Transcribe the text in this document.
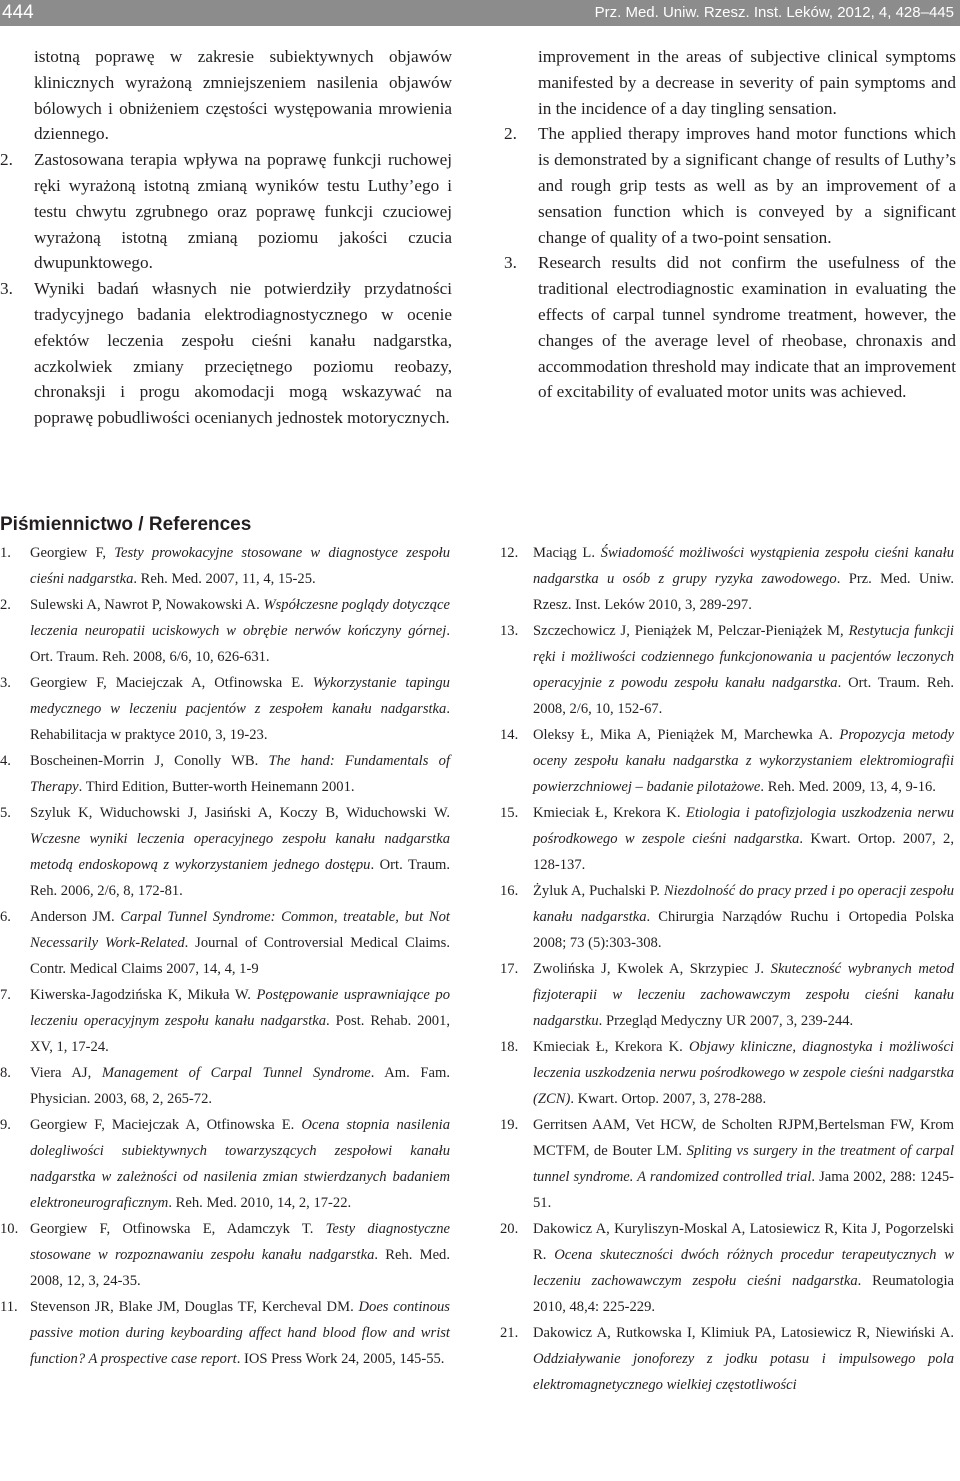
444	Prz. Med. Uniw. Rzesz. Inst. Leków, 2012, 4, 428–445

istotną poprawę w zakresie subiektywnych objawów klinicznych wyrażoną zmniejszeniem nasilenia objawów bólowych i obniżeniem częstości występowania mrowienia dziennego.

2. Zastosowana terapia wpływa na poprawę funkcji ruchowej ręki wyrażoną istotną zmianą wyników testu Luthy’ego i testu chwytu zgrubnego oraz poprawę funkcji czuciowej wyrażoną istotną zmianą poziomu jakości czucia dwupunktowego.

3. Wyniki badań własnych nie potwierdziły przydatności tradycyjnego badania elektrodiagnostycznego w ocenie efektów leczenia zespołu cieśni kanału nadgarstka, aczkolwiek zmiany przeciętnego poziomu reobazy, chronaksji i progu akomodacji mogą wskazywać na poprawę pobudliwości ocenianych jednostek motorycznych.

improvement in the areas of subjective clinical symptoms manifested by a decrease in severity of pain symptoms and in the incidence of a day tingling sensation.

2. The applied therapy improves hand motor functions which is demonstrated by a significant change of results of Luthy’s and rough grip tests as well as by an improvement of a sensation function which is conveyed by a significant change of quality of a two-point sensation.

3. Research results did not confirm the usefulness of the traditional electrodiagnostic examination in evaluating the effects of carpal tunnel syndrome treatment, however, the changes of the average level of rheobase, chronaxis and accommodation threshold may indicate that an improvement of excitability of evaluated motor units was achieved.

Piśmiennictwo / References

1. Georgiew F, Testy prowokacyjne stosowane w diagnostyce zespołu cieśni nadgarstka. Reh. Med. 2007, 11, 4, 15-25.

2. Sulewski A, Nawrot P, Nowakowski A. Współczesne poglądy dotyczące leczenia neuropatii uciskowych w obrębie nerwów kończyny górnej. Ort. Traum. Reh. 2008, 6/6, 10, 626-631.

3. Georgiew F, Maciejczak A, Otfinowska E. Wykorzystanie tapingu medycznego w leczeniu pacjentów z zespołem kanału nadgarstka. Rehabilitacja w praktyce 2010, 3, 19-23.

4. Boscheinen-Morrin J, Conolly WB. The hand: Fundamentals of Therapy. Third Edition, Butter-worth Heinemann 2001.

5. Szyluk K, Widuchowski J, Jasiński A, Koczy B, Widuchowski W. Wczesne wyniki leczenia operacyjnego zespołu kanału nadgarstka metodą endoskopową z wykorzystaniem jednego dostępu. Ort. Traum. Reh. 2006, 2/6, 8, 172-81.

6. Anderson JM. Carpal Tunnel Syndrome: Common, treatable, but Not Necessarily Work-Related. Journal of Controversial Medical Claims. Contr. Medical Claims 2007, 14, 4, 1-9

7. Kiwerska-Jagodzińska K, Mikuła W. Postępowanie usprawniające po leczeniu operacyjnym zespołu kanału nadgarstka. Post. Rehab. 2001, XV, 1, 17-24.

8. Viera AJ, Management of Carpal Tunnel Syndrome. Am. Fam. Physician. 2003, 68, 2, 265-72.

9. Georgiew F, Maciejczak A, Otfinowska E. Ocena stopnia nasilenia dolegliwości subiektywnych towarzyszących zespołowi kanału nadgarstka w zależności od nasilenia zmian stwierdzanych badaniem elektroneurograficznym. Reh. Med. 2010, 14, 2, 17-22.

10. Georgiew F, Otfinowska E, Adamczyk T. Testy diagnostyczne stosowane w rozpoznawaniu zespołu kanału nadgarstka. Reh. Med. 2008, 12, 3, 24-35.

11. Stevenson JR, Blake JM, Douglas TF, Kercheval DM. Does continous passive motion during keyboarding affect hand blood flow and wrist function? A prospective case report. IOS Press Work 24, 2005, 145-55.

12.	Maciąg L. Świadomość możliwości wystąpienia zespołu cieśni kanału nadgarstka u osób z grupy ryzyka zawodowego. Prz. Med. Uniw. Rzesz. Inst. Leków 2010, 3, 289-297.

13.	Szczechowicz J, Pieniążek M, Pelczar-Pieniążek M, Restytucja funkcji ręki i możliwości codziennego funkcjonowania u pacjentów leczonych operacyjnie z powodu zespołu kanału nadgarstka. Ort. Traum. Reh. 2008, 2/6, 10, 152-67.

14.	Oleksy Ł, Mika A, Pieniążek M, Marchewka A. Propozycja metody oceny zespołu kanału nadgarstka z wykorzystaniem elektromiografii powierzchniowej – badanie pilotażowe. Reh. Med. 2009, 13, 4, 9-16.

15.	Kmieciak Ł, Krekora K. Etiologia i patofizjologia uszkodzenia nerwu pośrodkowego w zespole cieśni nadgarstka. Kwart. Ortop. 2007, 2, 128-137.

16.	Żyluk A, Puchalski P. Niezdolność do pracy przed i po operacji zespołu kanału nadgarstka. Chirurgia Narządów Ruchu i Ortopedia Polska 2008; 73 (5):303-308.

17.	Zwolińska J, Kwolek A, Skrzypiec J. Skuteczność wybranych metod fizjoterapii w leczeniu zachowawczym zespołu cieśni kanału nadgarstku. Przegląd Medyczny UR 2007, 3, 239-244.

18.	Kmieciak Ł, Krekora K. Objawy kliniczne, diagnostyka i możliwości leczenia uszkodzenia nerwu pośrodkowego w zespole cieśni nadgarstka (ZCN). Kwart. Ortop. 2007, 3, 278-288.

19.	Gerritsen AAM, Vet HCW, de Scholten RJPM,Bertelsman FW, Krom MCTFM, de Bouter LM. Spliting vs surgery in the treatment of carpal tunnel syndrome. A randomized controlled trial. Jama 2002, 288: 1245-51.

20.	Dakowicz A, Kuryliszyn-Moskal A, Latosiewicz R, Kita J, Pogorzelski R. Ocena skuteczności dwóch różnych procedur terapeutycznych w leczeniu zachowawczym zespołu cieśni nadgarstka. Reumatologia 2010, 48,4: 225-229.

21.	Dakowicz A, Rutkowska I, Klimiuk PA, Latosiewicz R, Niewiński A. Oddziaływanie jonoforezy z jodku potasu i impulsowego pola elektromagnetycznego wielkiej częstotliwości
